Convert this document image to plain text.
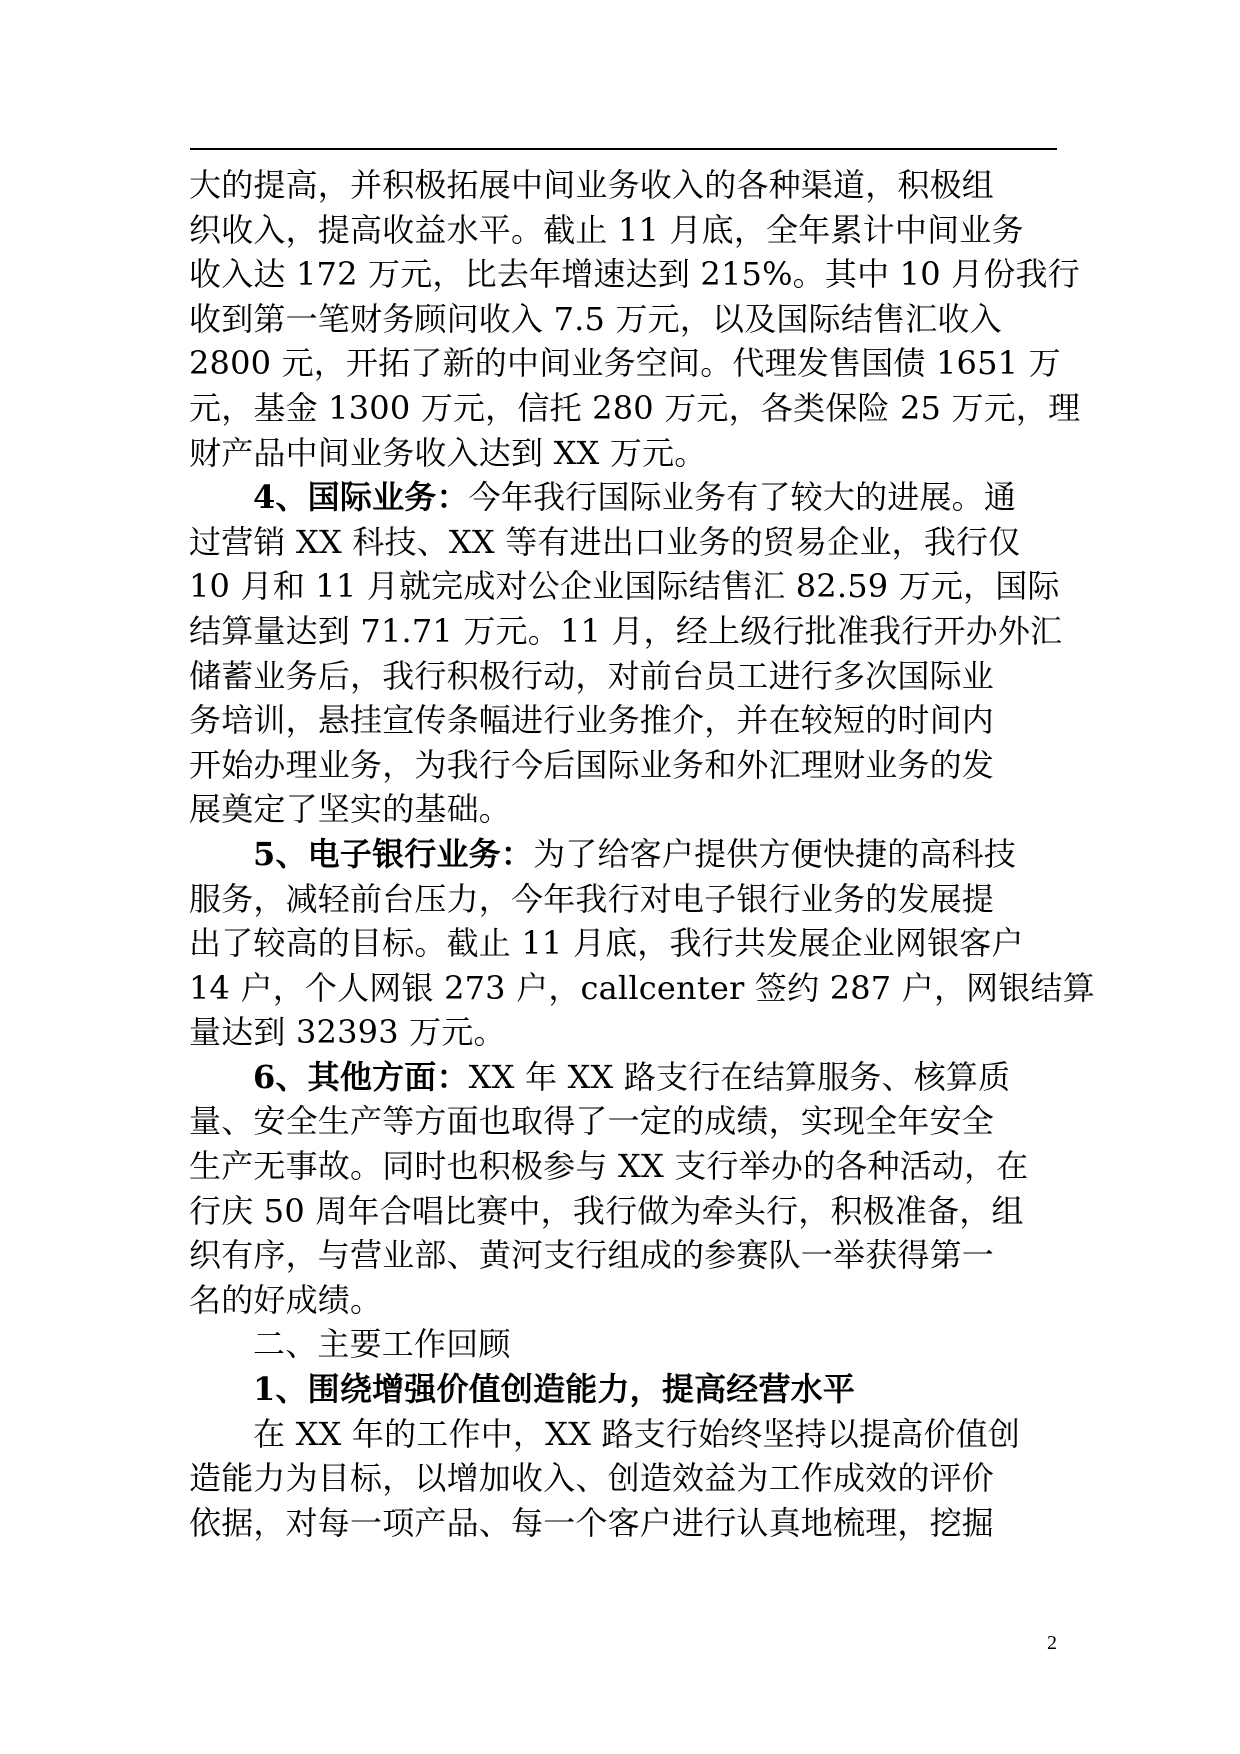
大的提高，并积极拓展中间业务收入的各种渠道，积极组
织收入，提高收益水平。截止 11 月底，全年累计中间业务
收入达 172 万元，比去年增速达到 215%。其中 10 月份我行
收到第一笔财务顾问收入 7.5 万元，以及国际结售汇收入
2800 元，开拓了新的中间业务空间。代理发售国债 1651 万
元，基金 1300 万元，信托 280 万元，各类保险 25 万元，理
财产品中间业务收入达到 XX 万元。
4、国际业务：今年我行国际业务有了较大的进展。通
过营销 XX 科技、XX 等有进出口业务的贸易企业，我行仅
10 月和 11 月就完成对公企业国际结售汇 82.59 万元，国际
结算量达到 71.71 万元。11 月，经上级行批准我行开办外汇
储蓄业务后，我行积极行动，对前台员工进行多次国际业
务培训，悬挂宣传条幅进行业务推介，并在较短的时间内
开始办理业务，为我行今后国际业务和外汇理财业务的发
展奠定了坚实的基础。
5、电子银行业务：为了给客户提供方便快捷的高科技
服务，减轻前台压力，今年我行对电子银行业务的发展提
出了较高的目标。截止 11 月底，我行共发展企业网银客户
14 户，个人网银 273 户，callcenter 签约 287 户，网银结算
量达到 32393 万元。
6、其他方面：XX 年 XX 路支行在结算服务、核算质
量、安全生产等方面也取得了一定的成绩，实现全年安全
生产无事故。同时也积极参与 XX 支行举办的各种活动，在
行庆 50 周年合唱比赛中，我行做为牵头行，积极准备，组
织有序，与营业部、黄河支行组成的参赛队一举获得第一
名的好成绩。
二、主要工作回顾
1、围绕增强价值创造能力，提高经营水平
在 XX 年的工作中，XX 路支行始终坚持以提高价值创
造能力为目标，以增加收入、创造效益为工作成效的评价
依据，对每一项产品、每一个客户进行认真地梳理，挖掘
2
